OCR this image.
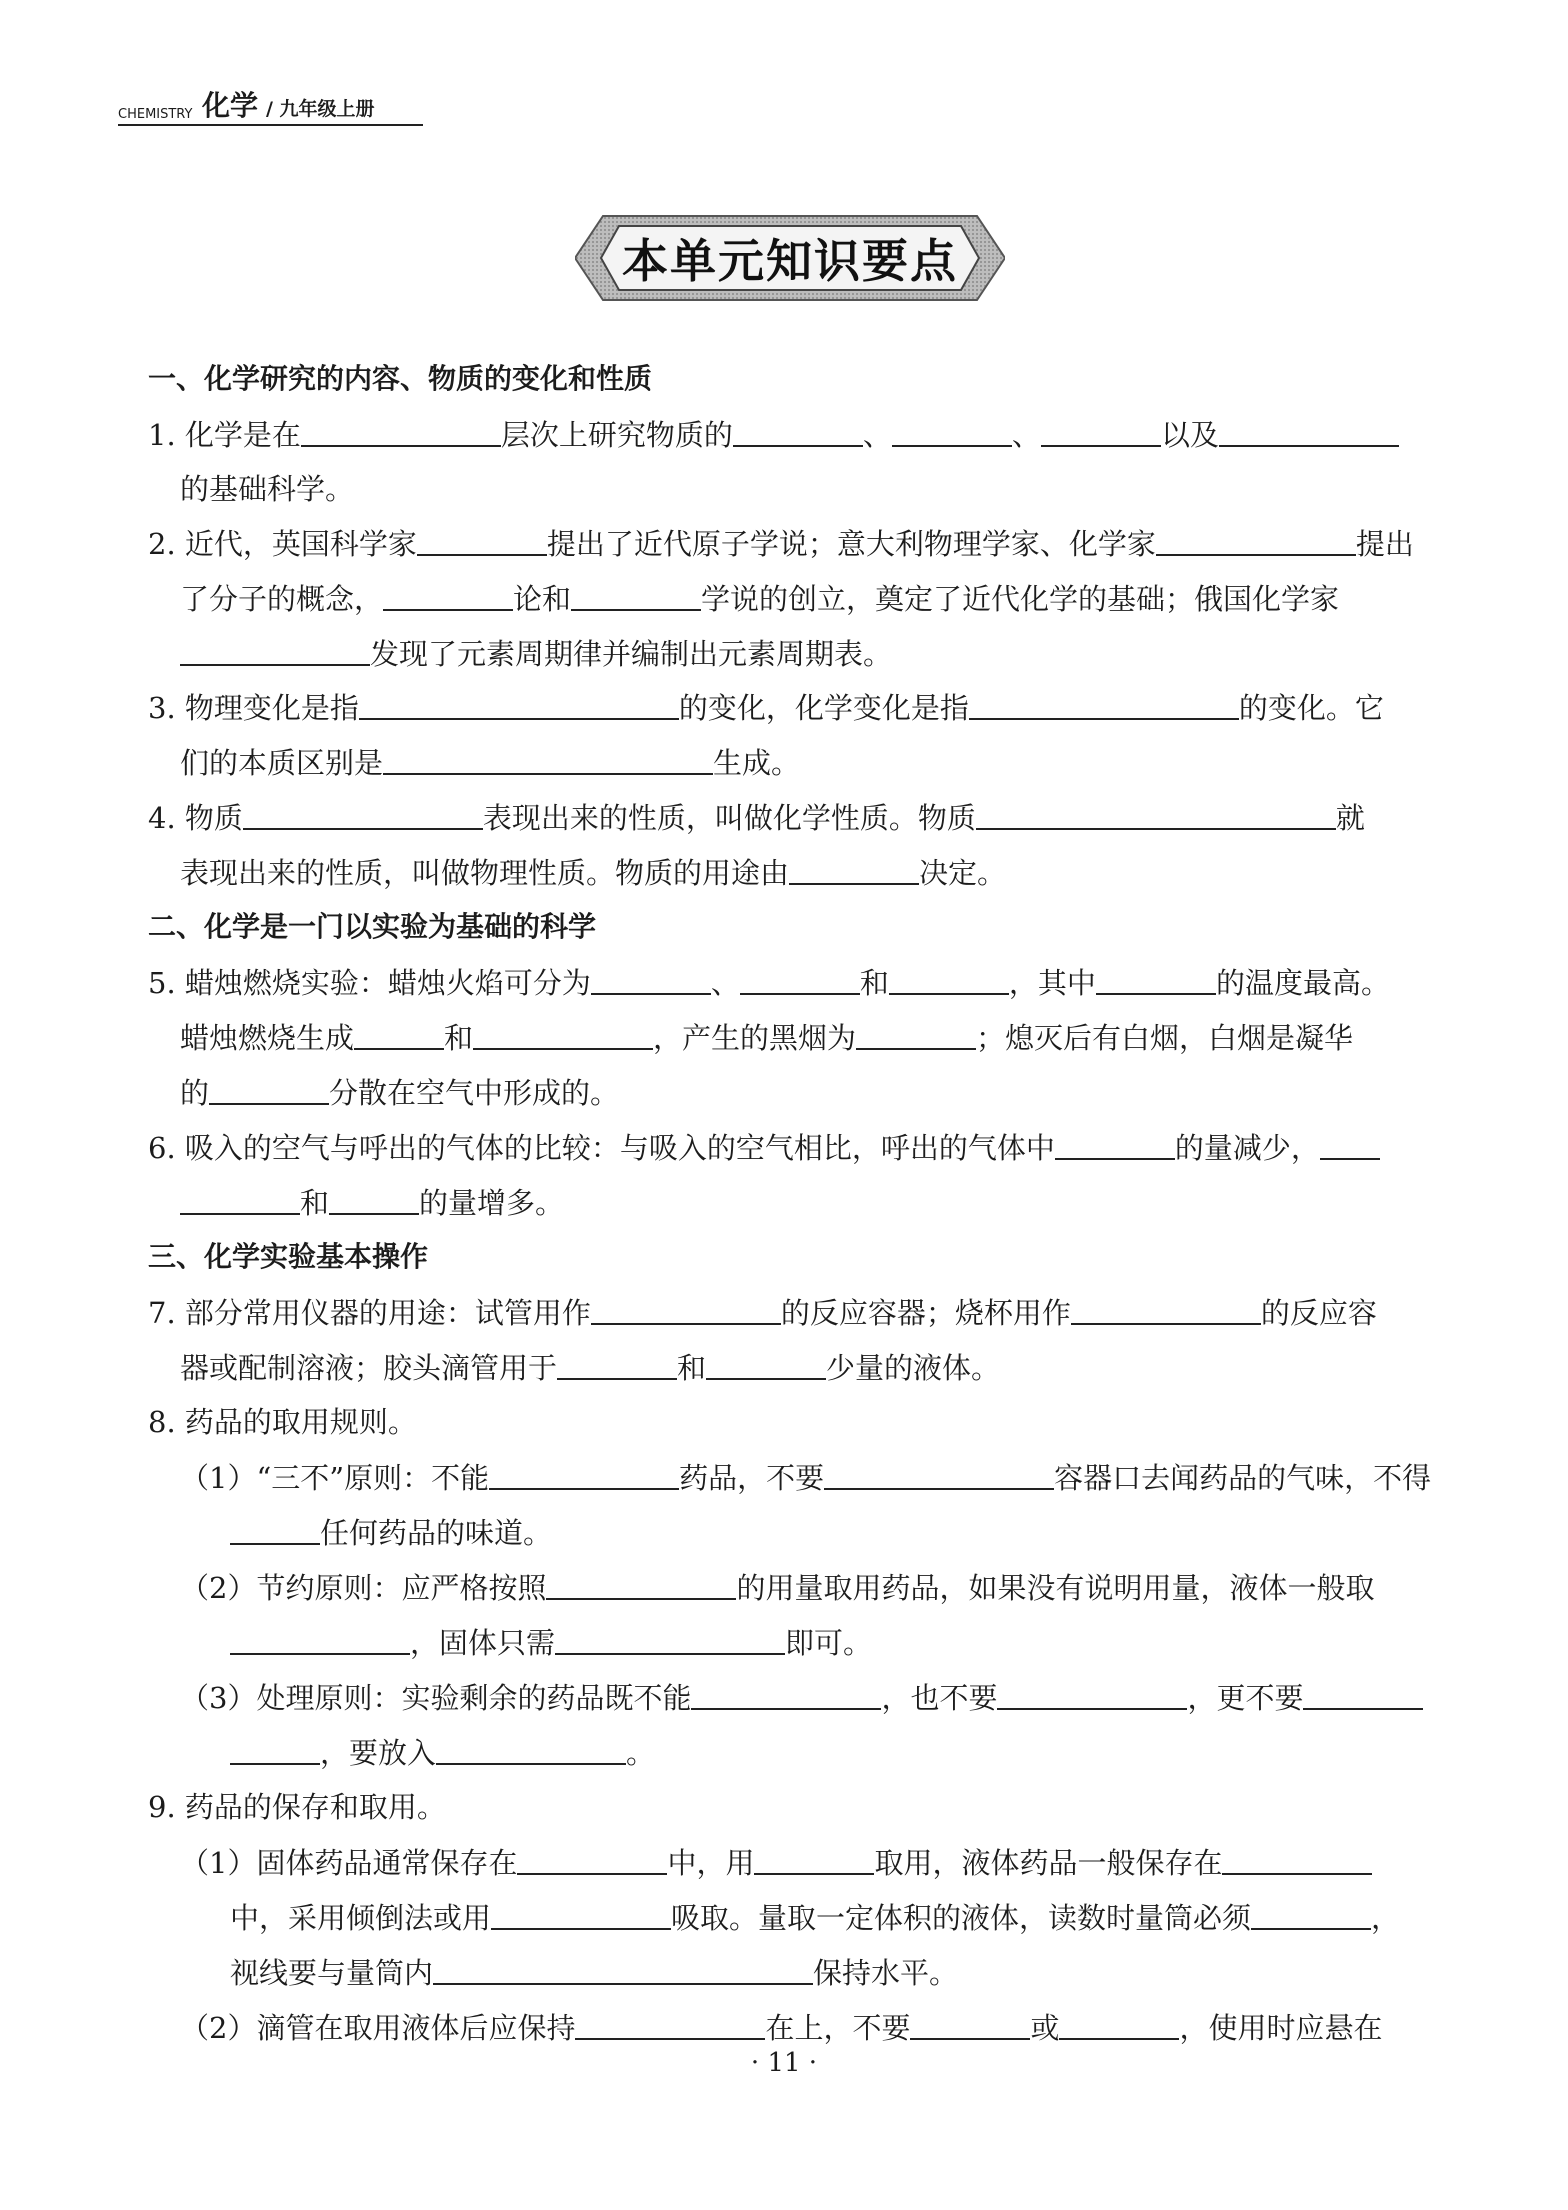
CHEMISTRY 化学 / 九年级上册
本单元知识要点
一、化学研究的内容、物质的变化和性质
1. 化学是在	层次上研究物质的	、	、	以及
的基础科学。
2. 近代，英国科学家	提出了近代原子学说；意大利物理学家、化学家	提出
了分子的概念，	论和	学说的创立，奠定了近代化学的基础；俄国化学家
发现了元素周期律并编制出元素周期表。
3. 物理变化是指	的变化，化学变化是指	的变化。它
们的本质区别是	生成。
4. 物质	表现出来的性质，叫做化学性质。物质	就
表现出来的性质，叫做物理性质。物质的用途由	决定。
二、化学是一门以实验为基础的科学
5. 蜡烛燃烧实验：蜡烛火焰可分为	、	和	，其中	的温度最高。
蜡烛燃烧生成	和	，产生的黑烟为	；熄灭后有白烟，白烟是凝华
的	分散在空气中形成的。
6. 吸入的空气与呼出的气体的比较：与吸入的空气相比，呼出的气体中	的量减少，
和	的量增多。
三、化学实验基本操作
7. 部分常用仪器的用途：试管用作	的反应容器；烧杯用作	的反应容
器或配制溶液；胶头滴管用于	和	少量的液体。
8. 药品的取用规则。
（1）“三不”原则：不能	药品，不要	容器口去闻药品的气味，不得
任何药品的味道。
（2）节约原则：应严格按照	的用量取用药品，如果没有说明用量，液体一般取
，固体只需	即可。
（3）处理原则：实验剩余的药品既不能	，也不要	，更不要
，要放入	。
9. 药品的保存和取用。
（1）固体药品通常保存在	中，用	取用，液体药品一般保存在
中，采用倾倒法或用	吸取。量取一定体积的液体，读数时量筒必须	，
视线要与量筒内	保持水平。
（2）滴管在取用液体后应保持	在上，不要	或	，使用时应悬在
· 11 ·
